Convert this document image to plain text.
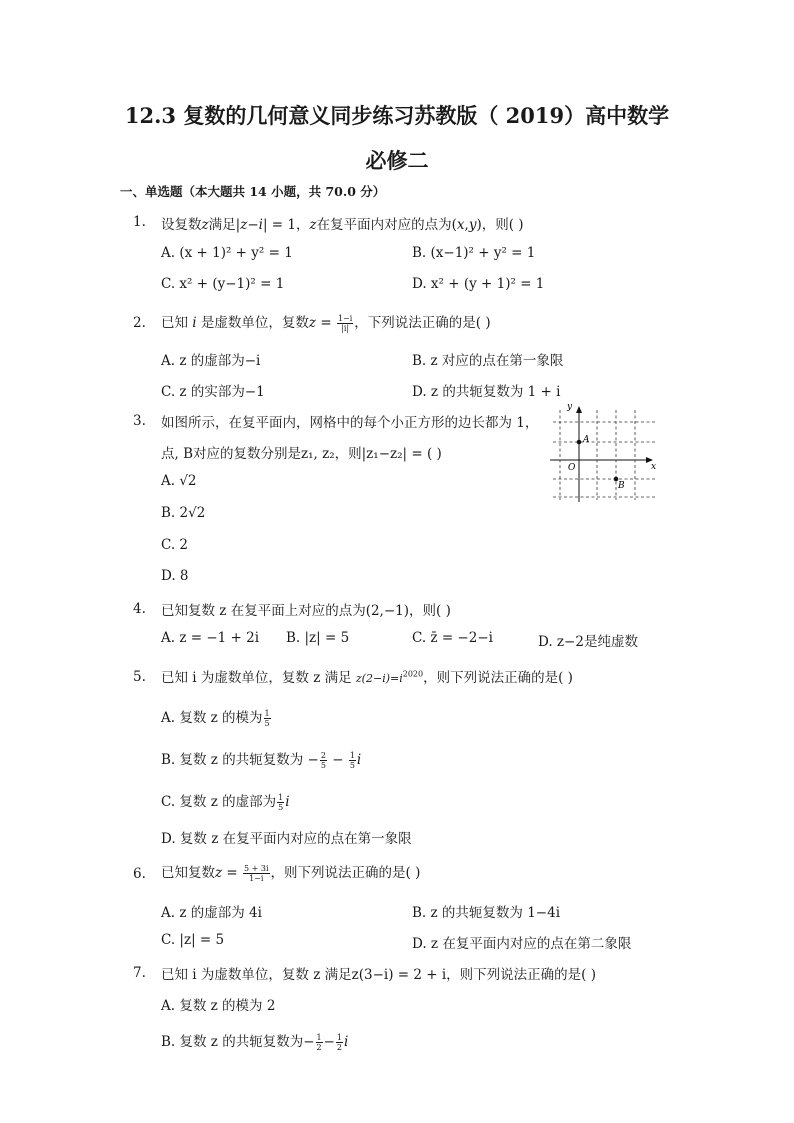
12.3 复数的几何意义同步练习苏教版（ 2019）高中数学
必修二
一、单选题（本大题共 14 小题，共 70.0 分）
1. 设复数z满足|z−i| = 1，z在复平面内对应的点为(x,y)，则( )
A. (x + 1)² + y² = 1	B. (x−1)² + y² = 1
C. x² + (y−1)² = 1	D. x² + (y + 1)² = 1
2. 已知 i 是虚数单位，复数$z = \frac{1-i}{|i|}$ ，下列说法正确的是( )
A. z 的虚部为−i	B. z 对应的点在第一象限
C. z 的实部为−1	D. z 的共轭复数为 1 + i
3. 如图所示，在复平面内，网格中的每个小正方形的边长都为 1，
点, B对应的复数分别是z₁, z₂，则|z₁−z₂| = ( )
A. √2
B. 2√2
C. 2
D. 8
y
x
O
A
B
4. 已知复数 z 在复平面上对应的点为(2,−1)，则( )
A. z = −1 + 2i B. |z| = 5	C. z̄ = −2−i	D. z−2是纯虚数
5. 已知 i 为虚数单位，复数 z 满足 $z(2-i)=i^{2020}$，则下列说法正确的是( )
A. 复数 z 的模为 $\frac{1}{5}$
B. 复数 z 的共轭复数为 − $\frac{2}{5} - \frac{1}{5}$ i
C. 复数 z 的虚部为 $\frac{1}{5}$ i
D. 复数 z 在复平面内对应的点在第一象限
6. 已知复数$z = \frac{5 + 3i}{1-i}$ ，则下列说法正确的是( )
A. z 的虚部为 4i	B. z 的共轭复数为 1−4i
C. |z| = 5	D. z 在复平面内对应的点在第二象限
7. 已知 i 为虚数单位，复数 z 满足z(3−i) = 2 + i，则下列说法正确的是( )
A. 复数 z 的模为 2
B. 复数 z 的共轭复数为− $\frac{1}{2} - \frac{1}{2}$ i
